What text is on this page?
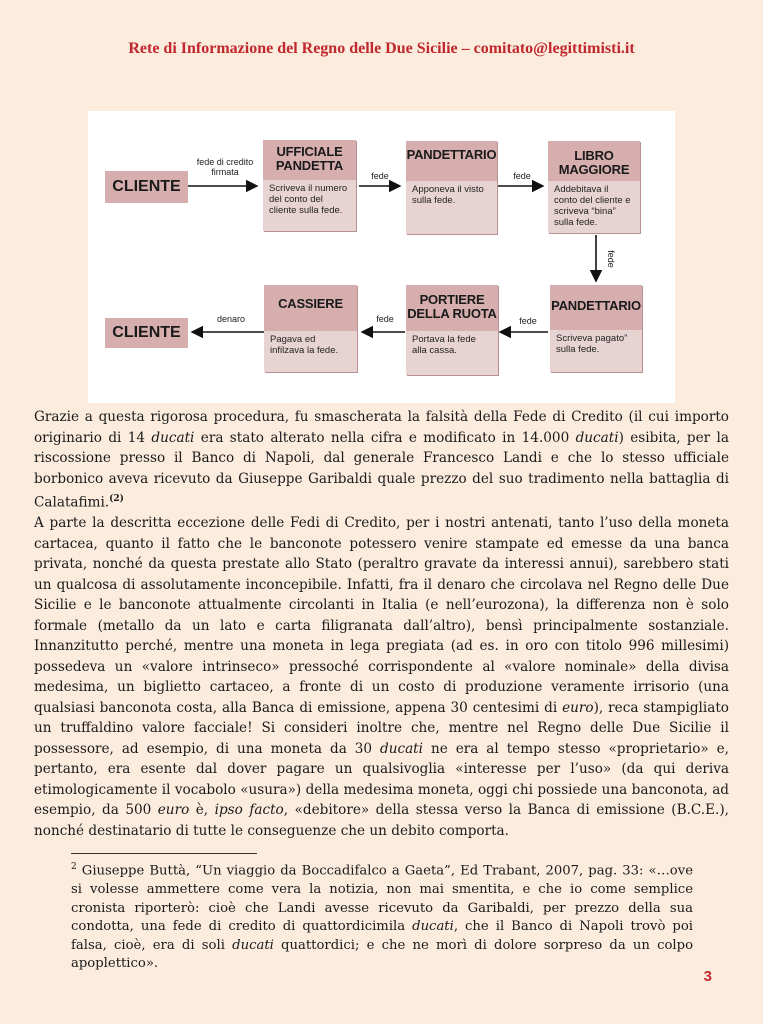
Rete di Informazione del Regno delle Due Sicilie – comitato@legittimisti.it
CLIENTE
fede di credito
firmata
UFFICIALE
PANDETTA
Scriveva il numero del conto del cliente sulla fede.
fede
PANDETTARIO
Apponeva il visto sulla fede.
fede
LIBRO
MAGGIORE
Addebitava il conto del cliente e scriveva “bina” sulla fede.
fede
PANDETTARIO
Scriveva pagato” sulla fede.
fede
PORTIERE
DELLA RUOTA
Portava la fede alla cassa.
fede
CASSIERE
Pagava ed infilzava la fede.
denaro
CLIENTE

Grazie a questa rigorosa procedura, fu smascherata la falsità della Fede di Credito (il cui importo originario di 14 ducati era stato alterato nella cifra e modificato in 14.000 ducati) esibita, per la riscossione presso il Banco di Napoli, dal generale Francesco Landi e che lo stesso ufficiale borbonico aveva ricevuto da Giuseppe Garibaldi quale prezzo del suo tradimento nella battaglia di Calatafimi.$^{(2)}$

A parte la descritta eccezione delle Fedi di Credito, per i nostri antenati, tanto l’uso della moneta cartacea, quanto il fatto che le banconote potessero venire stampate ed emesse da una banca privata, nonché da questa prestate allo Stato (peraltro gravate da interessi annui), sarebbero stati un qualcosa di assolutamente inconcepibile. Infatti, fra il denaro che circolava nel Regno delle Due Sicilie e le banconote attualmente circolanti in Italia (e nell’eurozona), la differenza non è solo formale (metallo da un lato e carta filigranata dall’altro), bensì principalmente sostanziale. Innanzitutto perché, mentre una moneta in lega pregiata (ad es. in oro con titolo 996 millesimi) possedeva un «valore intrinseco» pressoché corrispondente al «valore nominale» della divisa medesima, un biglietto cartaceo, a fronte di un costo di produzione veramente irrisorio (una qualsiasi banconota costa, alla Banca di emissione, appena 30 centesimi di euro), reca stampigliato un truffaldino valore facciale! Si consideri inoltre che, mentre nel Regno delle Due Sicilie il possessore, ad esempio, di una moneta da 30 ducati ne era al tempo stesso «proprietario» e, pertanto, era esente dal dover pagare un qualsivoglia «interesse per l’uso» (da qui deriva etimologicamente il vocabolo «usura») della medesima moneta, oggi chi possiede una banconota, ad esempio, da 500 euro è, ipso facto, «debitore» della stessa verso la Banca di emissione (B.C.E.), nonché destinatario di tutte le conseguenze che un debito comporta.

$^2$ Giuseppe Buttà, “Un viaggio da Boccadifalco a Gaeta”, Ed Trabant, 2007, pag. 33: «…ove si volesse ammettere come vera la notizia, non mai smentita, e che io come semplice cronista riporterò: cioè che Landi avesse ricevuto da Garibaldi, per prezzo della sua condotta, una fede di credito di quattordicimila ducati, che il Banco di Napoli trovò poi falsa, cioè, era di soli ducati quattordici; e che ne morì di dolore sorpreso da un colpo apoplettico».
3
